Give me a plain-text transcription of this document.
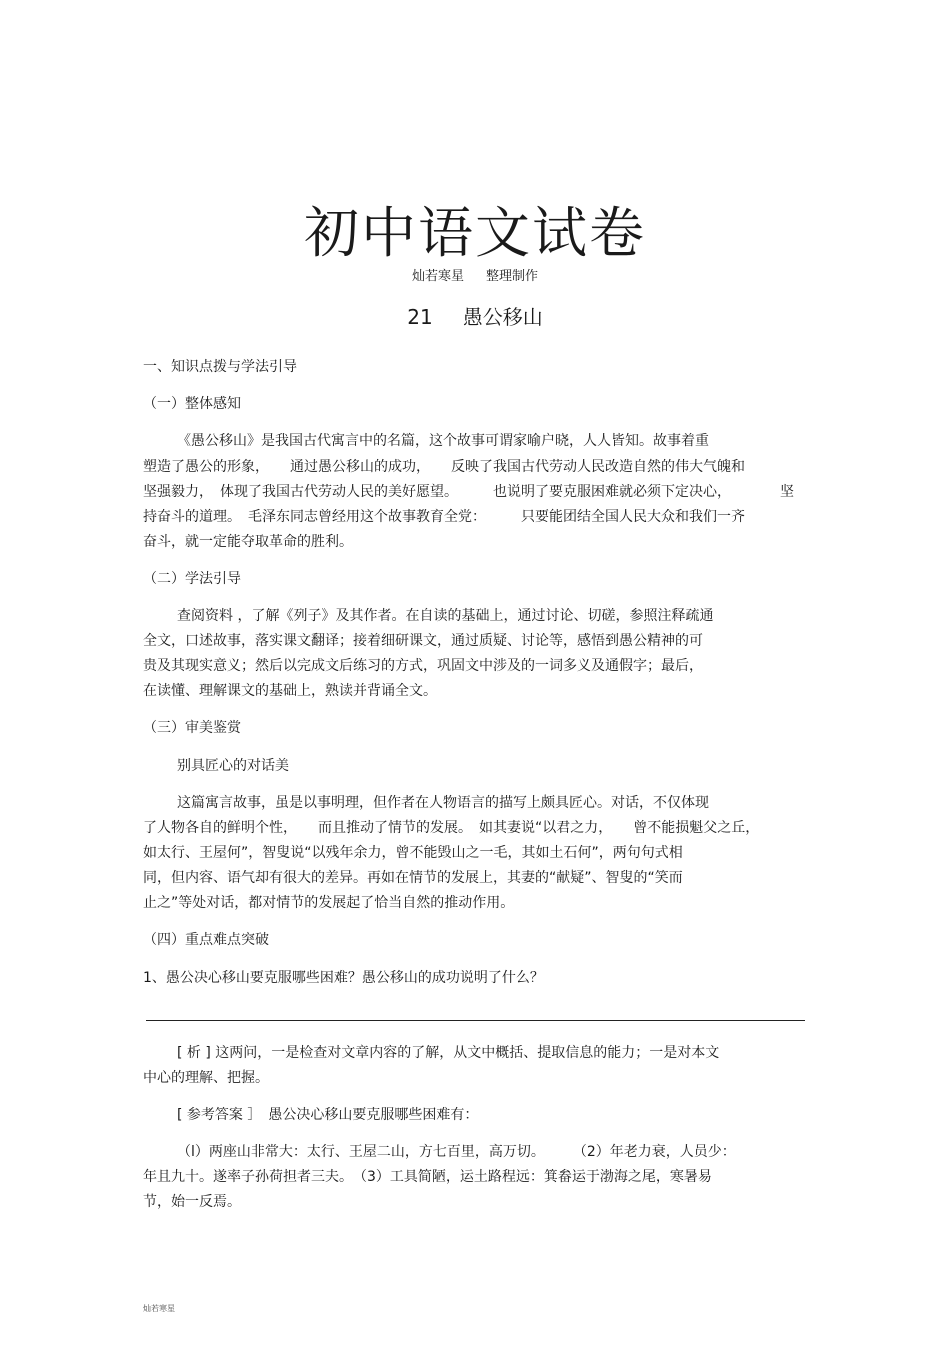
初中语文试卷
灿若寒星 整理制作
21 愚公移山
一、知识点拨与学法引导
（一）整体感知
《愚公移山》是我国古代寓言中的名篇，这个故事可谓家喻户晓，人人皆知。故事着重
塑造了愚公的形象，　　通过愚公移山的成功，　　反映了我国古代劳动人民改造自然的伟大气魄和
坚强毅力，　体现了我国古代劳动人民的美好愿望。　　　也说明了要克服困难就必须下定决心，　　　　坚
持奋斗的道理。　毛泽东同志曾经用这个故事教育全党：　　　只要能团结全国人民大众和我们一齐
奋斗，就一定能夺取革命的胜利。
（二）学法引导
查阅资料 ，了解《列子》及其作者。在自读的基础上，通过讨论、切磋，参照注释疏通
全文，口述故事，落实课文翻译；接着细研课文，通过质疑、讨论等，感悟到愚公精神的可
贵及其现实意义；然后以完成文后练习的方式，巩固文中涉及的一词多义及通假字；最后，
在读懂、理解课文的基础上，熟读并背诵全文。
（三）审美鉴赏
别具匠心的对话美
这篇寓言故事，虽是以事明理，但作者在人物语言的描写上颇具匠心。对话，不仅体现
了人物各自的鲜明个性，　　而且推动了情节的发展。　如其妻说“以君之力，　　曾不能损魁父之丘，
如太行、王屋何”，智叟说“以残年余力，曾不能毁山之一毛，其如土石何”，两句句式相
同，但内容、语气却有很大的差异。再如在情节的发展上，其妻的“献疑”、智叟的“笑而
止之”等处对话，都对情节的发展起了恰当自然的推动作用。
（四）重点难点突破
1、愚公决心移山要克服哪些困难？愚公移山的成功说明了什么？
[ 析 ] 这两问，一是检查对文章内容的了解，从文中概括、提取信息的能力；一是对本文
中心的理解、把握。
[ 参考答案 ］　愚公决心移山要克服哪些困难有：
（l）两座山非常大：太行、王屋二山，方七百里，高万切。　　　（2）年老力衰，人员少：
年且九十。遂率子孙荷担者三夫。　（3）工具简陋，运土路程远：箕畚运于渤海之尾，寒暑易
节，始一反焉。
灿若寒星
